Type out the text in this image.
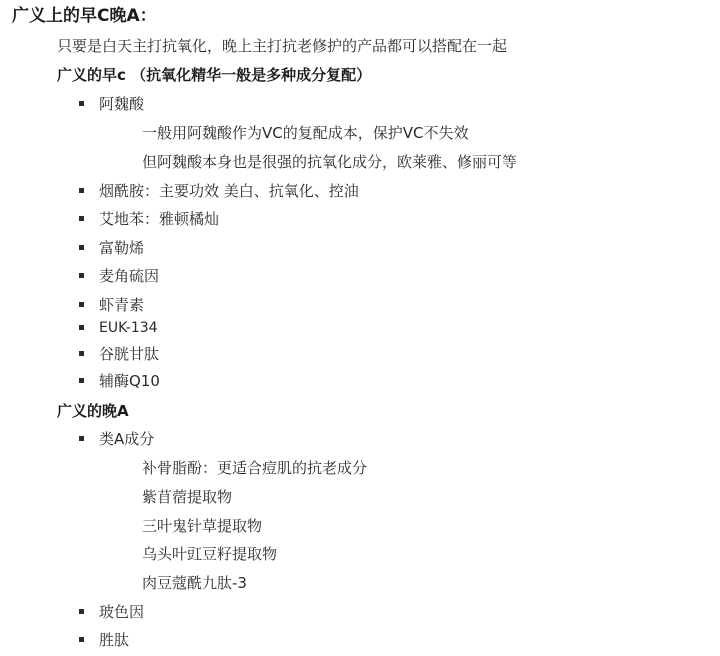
广义上的早C晚A：
只要是白天主打抗氧化，晚上主打抗老修护的产品都可以搭配在一起
广义的早c （抗氧化精华一般是多种成分复配）
阿魏酸
一般用阿魏酸作为VC的复配成本，保护VC不失效
但阿魏酸本身也是很强的抗氧化成分，欧莱雅、修丽可等
烟酰胺：主要功效 美白、抗氧化、控油
艾地苯：雅顿橘灿
富勒烯
麦角硫因
虾青素
EUK-134
谷胱甘肽
辅酶Q10
广义的晚A
类A成分
补骨脂酚：更适合痘肌的抗老成分
紫苜蓿提取物
三叶鬼针草提取物
乌头叶豇豆籽提取物
肉豆蔻酰九肽-3
玻色因
胜肽
